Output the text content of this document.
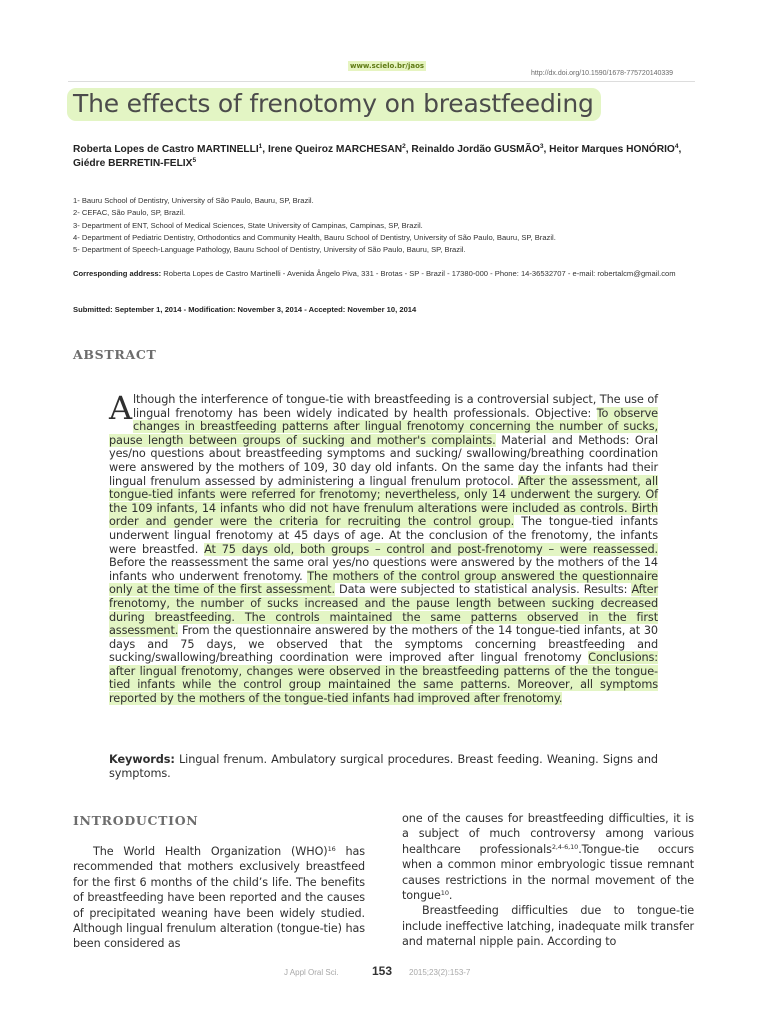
www.scielo.br/jaos
http://dx.doi.org/10.1590/1678-775720140339
The effects of frenotomy on breastfeeding
Roberta Lopes de Castro MARTINELLI$^1$, Irene Queiroz MARCHESAN$^2$, Reinaldo Jordão GUSMÃO$^3$, Heitor Marques HONÓRIO$^4$, Giédre BERRETIN-FELIX$^5$
1- Bauru School of Dentistry, University of São Paulo, Bauru, SP, Brazil.
2- CEFAC, São Paulo, SP, Brazil.
3- Department of ENT, School of Medical Sciences, State University of Campinas, Campinas, SP, Brazil.
4- Department of Pediatric Dentistry, Orthodontics and Community Health, Bauru School of Dentistry, University of São Paulo, Bauru, SP, Brazil.
5- Department of Speech-Language Pathology, Bauru School of Dentistry, University of São Paulo, Bauru, SP, Brazil.
Corresponding address: Roberta Lopes de Castro Martinelli - Avenida Ângelo Piva, 331 - Brotas - SP - Brazil - 17380-000 - Phone: 14-36532707 - e-mail: robertalcm@gmail.com
Submitted: September 1, 2014 - Modification: November 3, 2014 - Accepted: November 10, 2014
ABSTRACT
Although the interference of tongue-tie with breastfeeding is a controversial subject, The use of lingual frenotomy has been widely indicated by health professionals. Objective: To observe changes in breastfeeding patterns after lingual frenotomy concerning the number of sucks, pause length between groups of sucking and mother's complaints. Material and Methods: Oral yes/no questions about breastfeeding symptoms and sucking/ swallowing/breathing coordination were answered by the mothers of 109, 30 day old infants. On the same day the infants had their lingual frenulum assessed by administering a lingual frenulum protocol. After the assessment, all tongue-tied infants were referred for frenotomy; nevertheless, only 14 underwent the surgery. Of the 109 infants, 14 infants who did not have frenulum alterations were included as controls. Birth order and gender were the criteria for recruiting the control group. The tongue-tied infants underwent lingual frenotomy at 45 days of age. At the conclusion of the frenotomy, the infants were breastfed. At 75 days old, both groups – control and post-frenotomy – were reassessed. Before the reassessment the same oral yes/no questions were answered by the mothers of the 14 infants who underwent frenotomy. The mothers of the control group answered the questionnaire only at the time of the first assessment. Data were subjected to statistical analysis. Results: After frenotomy, the number of sucks increased and the pause length between sucking decreased during breastfeeding. The controls maintained the same patterns observed in the first assessment. From the questionnaire answered by the mothers of the 14 tongue-tied infants, at 30 days and 75 days, we observed that the symptoms concerning breastfeeding and sucking/swallowing/breathing coordination were improved after lingual frenotomy Conclusions: after lingual frenotomy, changes were observed in the breastfeeding patterns of the the tongue-tied infants while the control group maintained the same patterns. Moreover, all symptoms reported by the mothers of the tongue-tied infants had improved after frenotomy.
Keywords: Lingual frenum. Ambulatory surgical procedures. Breast feeding. Weaning. Signs and symptoms.
INTRODUCTION
The World Health Organization (WHO)$^{16}$ has recommended that mothers exclusively breastfeed for the first 6 months of the child’s life. The benefits of breastfeeding have been reported and the causes of precipitated weaning have been widely studied. Although lingual frenulum alteration (tongue-tie) has been considered as
one of the causes for breastfeeding difficulties, it is a subject of much controversy among various healthcare professionals$^{2,4-6,10}$.Tongue-tie occurs when a common minor embryologic tissue remnant causes restrictions in the normal movement of the tongue$^{10}$.
Breastfeeding difficulties due to tongue-tie include ineffective latching, inadequate milk transfer and maternal nipple pain. According to
J Appl Oral Sci.	153 2015;23(2):153-7
